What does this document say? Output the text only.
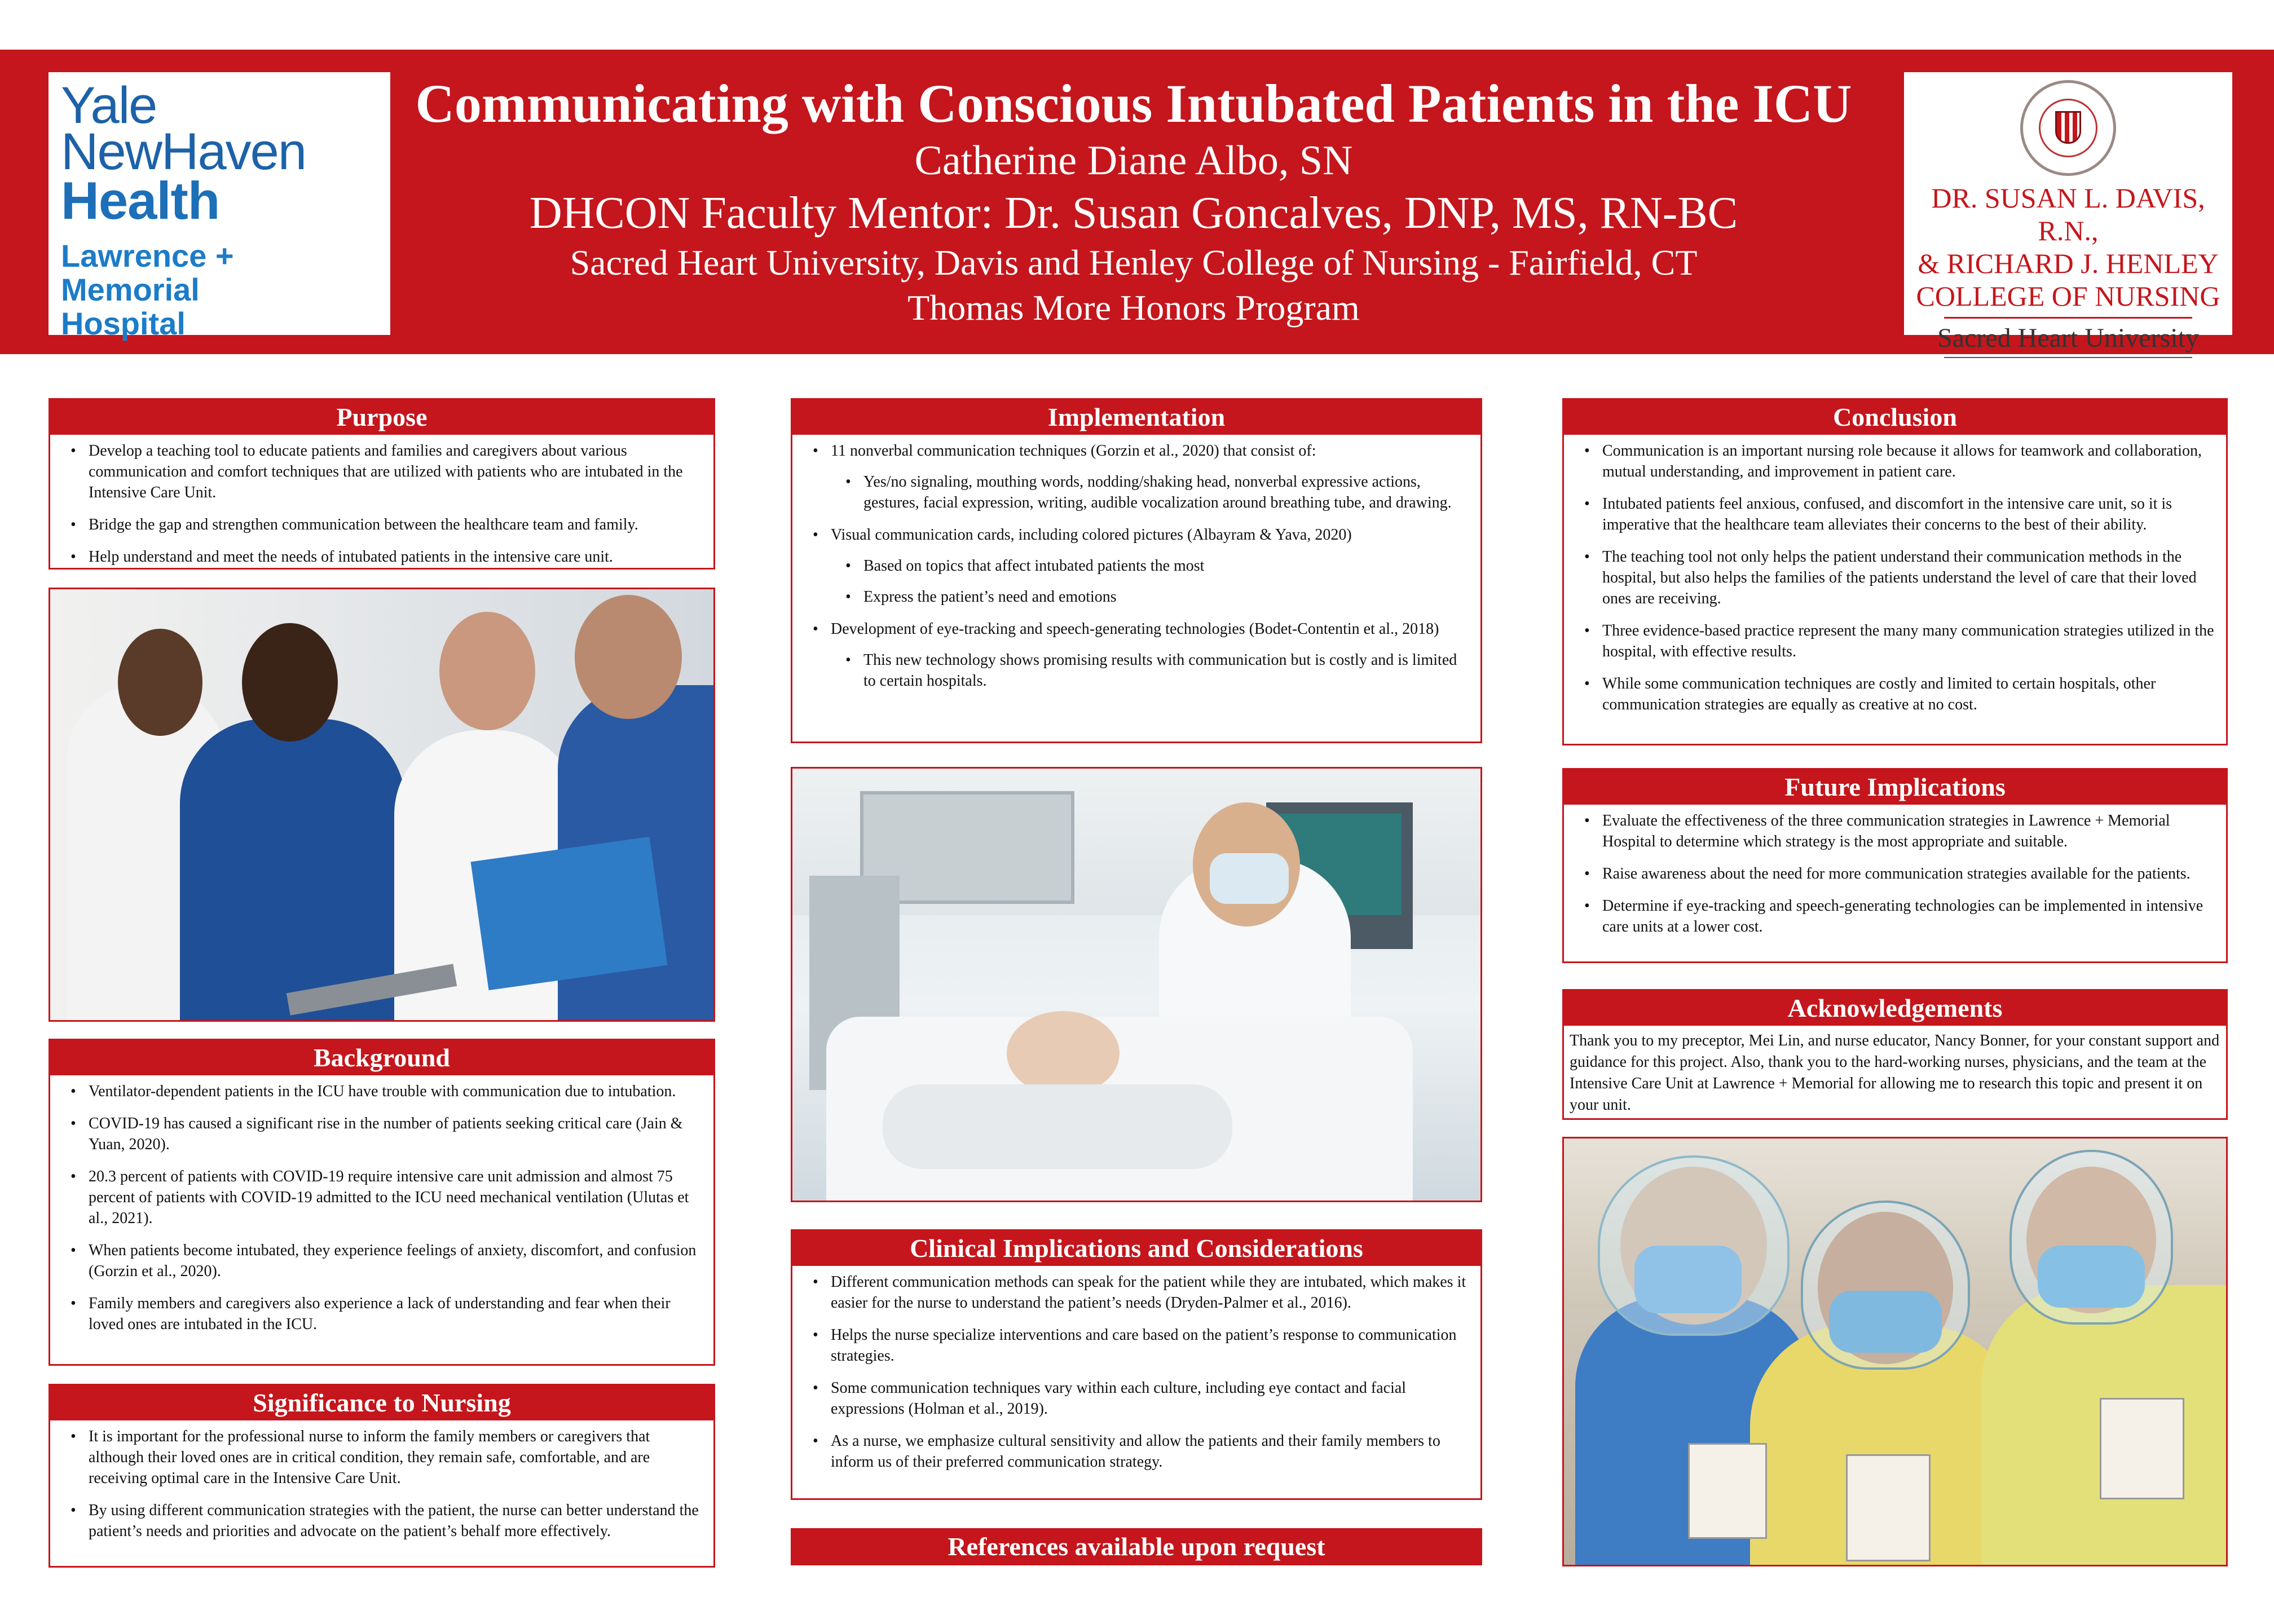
Yale
NewHaven
Health
Lawrence + Memorial
Hospital
Communicating with Conscious Intubated Patients in the ICU
Catherine Diane Albo, SN
DHCON Faculty Mentor: Dr. Susan Goncalves, DNP, MS, RN-BC
Sacred Heart University, Davis and Henley College of Nursing - Fairfield, CT
Thomas More Honors Program
DR. SUSAN L. DAVIS, R.N.,
& RICHARD J. HENLEY
COLLEGE OF NURSING
Sacred Heart University
Purpose
• Develop a teaching tool to educate patients and families and caregivers about various communication and comfort techniques that are utilized with patients who are intubated in the Intensive Care Unit.
• Bridge the gap and strengthen communication between the healthcare team and family.
• Help understand and meet the needs of intubated patients in the intensive care unit.
Background
• Ventilator-dependent patients in the ICU have trouble with communication due to intubation.
• COVID-19 has caused a significant rise in the number of patients seeking critical care (Jain & Yuan, 2020).
• 20.3 percent of patients with COVID-19 require intensive care unit admission and almost 75 percent of patients with COVID-19 admitted to the ICU need mechanical ventilation (Ulutas et al., 2021).
• When patients become intubated, they experience feelings of anxiety, discomfort, and confusion (Gorzin et al., 2020).
• Family members and caregivers also experience a lack of understanding and fear when their loved ones are intubated in the ICU.
Significance to Nursing
• It is important for the professional nurse to inform the family members or caregivers that although their loved ones are in critical condition, they remain safe, comfortable, and are receiving optimal care in the Intensive Care Unit.
• By using different communication strategies with the patient, the nurse can better understand the patient’s needs and priorities and advocate on the patient’s behalf more effectively.
Implementation
• 11 nonverbal communication techniques (Gorzin et al., 2020) that consist of:
• Yes/no signaling, mouthing words, nodding/shaking head, nonverbal expressive actions, gestures, facial expression, writing, audible vocalization around breathing tube, and drawing.
• Visual communication cards, including colored pictures (Albayram & Yava, 2020)
• Based on topics that affect intubated patients the most
• Express the patient’s need and emotions
• Development of eye-tracking and speech-generating technologies (Bodet-Contentin et al., 2018)
• This new technology shows promising results with communication but is costly and is limited to certain hospitals.
Clinical Implications and Considerations
• Different communication methods can speak for the patient while they are intubated, which makes it easier for the nurse to understand the patient’s needs (Dryden-Palmer et al., 2016).
• Helps the nurse specialize interventions and care based on the patient’s response to communication strategies.
• Some communication techniques vary within each culture, including eye contact and facial expressions (Holman et al., 2019).
• As a nurse, we emphasize cultural sensitivity and allow the patients and their family members to inform us of their preferred communication strategy.
References available upon request
Conclusion
• Communication is an important nursing role because it allows for teamwork and collaboration, mutual understanding, and improvement in patient care.
• Intubated patients feel anxious, confused, and discomfort in the intensive care unit, so it is imperative that the healthcare team alleviates their concerns to the best of their ability.
• The teaching tool not only helps the patient understand their communication methods in the hospital, but also helps the families of the patients understand the level of care that their loved ones are receiving.
• Three evidence-based practice represent the many many communication strategies utilized in the hospital, with effective results.
• While some communication techniques are costly and limited to certain hospitals, other communication strategies are equally as creative at no cost.
Future Implications
• Evaluate the effectiveness of the three communication strategies in Lawrence + Memorial Hospital to determine which strategy is the most appropriate and suitable.
• Raise awareness about the need for more communication strategies available for the patients.
• Determine if eye-tracking and speech-generating technologies can be implemented in intensive care units at a lower cost.
Acknowledgements
Thank you to my preceptor, Mei Lin, and nurse educator, Nancy Bonner, for your constant support and guidance for this project. Also, thank you to the hard-working nurses, physicians, and the team at the Intensive Care Unit at Lawrence + Memorial for allowing me to research this topic and present it on your unit.
